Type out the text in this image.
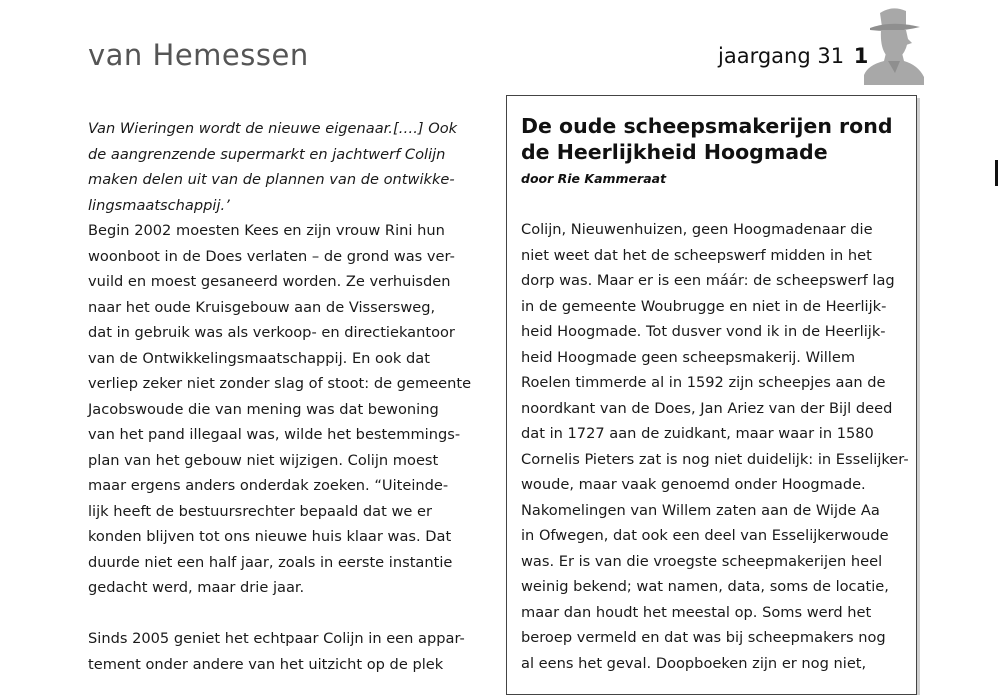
van Hemessen	jaargang 31 1
Van Wieringen wordt de nieuwe eigenaar.[….] Ook
de aangrenzende supermarkt en jachtwerf Colijn
maken delen uit van de plannen van de ontwikke-
lingsmaatschappij.’
Begin 2002 moesten Kees en zijn vrouw Rini hun
woonboot in de Does verlaten – de grond was ver-
vuild en moest gesaneerd worden. Ze verhuisden
naar het oude Kruisgebouw aan de Vissersweg,
dat in gebruik was als verkoop- en directiekantoor
van de Ontwikkelingsmaatschappij. En ook dat
verliep zeker niet zonder slag of stoot: de gemeente
Jacobswoude die van mening was dat bewoning
van het pand illegaal was, wilde het bestemmings-
plan van het gebouw niet wijzigen. Colijn moest
maar ergens anders onderdak zoeken. “Uiteinde-
lijk heeft de bestuursrechter bepaald dat we er
konden blijven tot ons nieuwe huis klaar was. Dat
duurde niet een half jaar, zoals in eerste instantie
gedacht werd, maar drie jaar.
Sinds 2005 geniet het echtpaar Colijn in een appar-
tement onder andere van het uitzicht op de plek
De oude scheepsmakerijen rond
de Heerlijkheid Hoogmade
door Rie Kammeraat
Colijn, Nieuwenhuizen, geen Hoogmadenaar die
niet weet dat het de scheepswerf midden in het
dorp was. Maar er is een máár: de scheepswerf lag
in de gemeente Woubrugge en niet in de Heerlijk-
heid Hoogmade. Tot dusver vond ik in de Heerlijk-
heid Hoogmade geen scheepsmakerij. Willem
Roelen timmerde al in 1592 zijn scheepjes aan de
noordkant van de Does, Jan Ariez van der Bijl deed
dat in 1727 aan de zuidkant, maar waar in 1580
Cornelis Pieters zat is nog niet duidelijk: in Esselijker-
woude, maar vaak genoemd onder Hoogmade.
Nakomelingen van Willem zaten aan de Wijde Aa
in Ofwegen, dat ook een deel van Esselijkerwoude
was. Er is van die vroegste scheepmakerijen heel
weinig bekend; wat namen, data, soms de locatie,
maar dan houdt het meestal op. Soms werd het
beroep vermeld en dat was bij scheepmakers nog
al eens het geval. Doopboeken zijn er nog niet,
